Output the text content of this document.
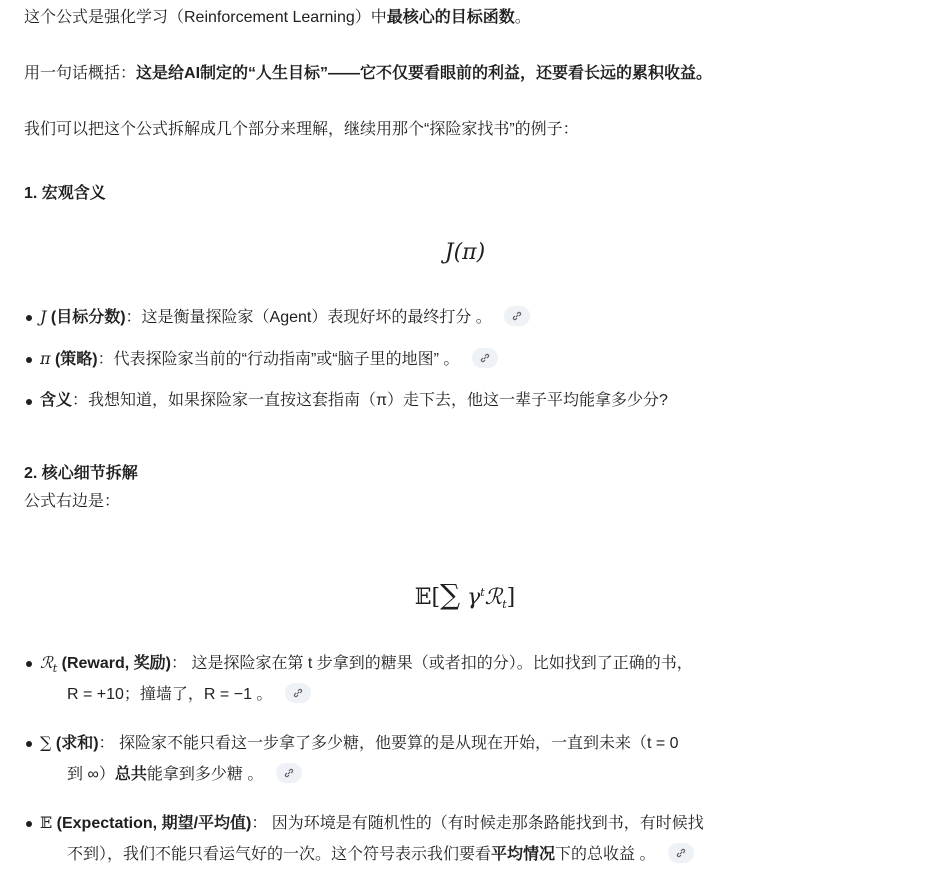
这个公式是强化学习（Reinforcement Learning）中最核心的目标函数。
用一句话概括：这是给AI制定的“人生目标”——它不仅要看眼前的利益，还要看长远的累积收益。
我们可以把这个公式拆解成几个部分来理解，继续用那个“探险家找书”的例子：
1. 宏观含义
J(π)
J (目标分数)：这是衡量探险家（Agent）表现好坏的最终打分 。
π (策略)：代表探险家当前的“行动指南”或“脑子里的地图” 。
含义：我想知道，如果探险家一直按这套指南（π）走下去，他这一辈子平均能拿多少分?
2. 核心细节拆解
公式右边是：
𝔼[∑ $\gamma^tℛ_t$]
ℛ$_t$ (Reward, 奖励)： 这是探险家在第 t 步拿到的糖果（或者扣的分）。比如找到了正确的书，
R = +10；撞墙了，R = −1 。
∑ (求和)： 探险家不能只看这一步拿了多少糖，他要算的是从现在开始，一直到未来（t = 0
到 ∞）总共能拿到多少糖 。
𝔼 (Expectation, 期望/平均值)： 因为环境是有随机性的（有时候走那条路能找到书，有时候找
不到），我们不能只看运气好的一次。这个符号表示我们要看平均情况下的总收益 。
